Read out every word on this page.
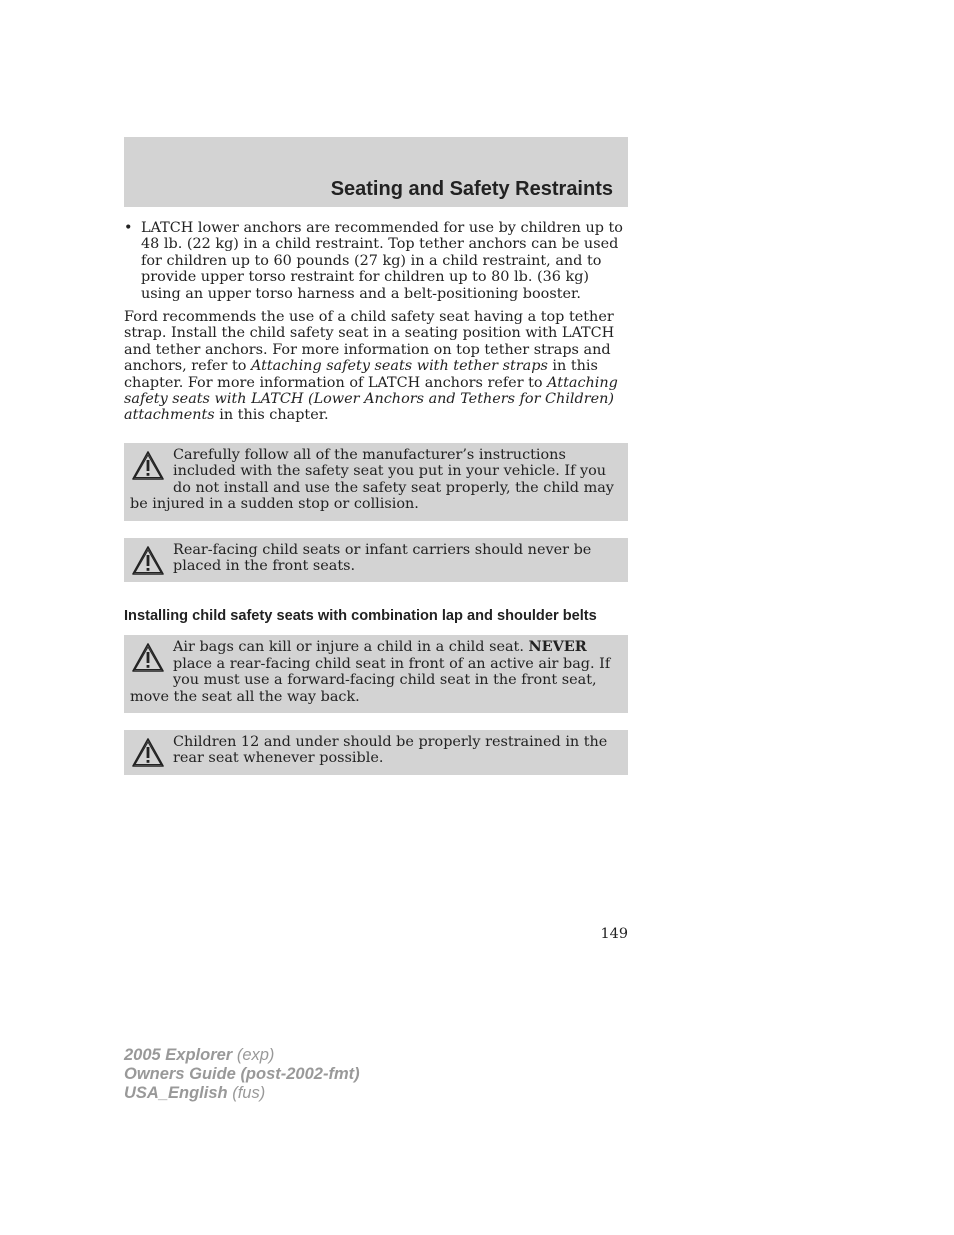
Seating and Safety Restraints
• LATCH lower anchors are recommended for use by children up to 48 lb. (22 kg) in a child restraint. Top tether anchors can be used for children up to 60 pounds (27 kg) in a child restraint, and to provide upper torso restraint for children up to 80 lb. (36 kg) using an upper torso harness and a belt-positioning booster.

Ford recommends the use of a child safety seat having a top tether strap. Install the child safety seat in a seating position with LATCH and tether anchors. For more information on top tether straps and anchors, refer to Attaching safety seats with tether straps in this chapter. For more information of LATCH anchors refer to Attaching safety seats with LATCH (Lower Anchors and Tethers for Children) attachments in this chapter.

Carefully follow all of the manufacturer’s instructions included with the safety seat you put in your vehicle. If you do not install and use the safety seat properly, the child may be injured in a sudden stop or collision.
Rear-facing child seats or infant carriers should never be placed in the front seats.
Installing child safety seats with combination lap and shoulder belts
Air bags can kill or injure a child in a child seat. NEVER place a rear-facing child seat in front of an active air bag. If you must use a forward-facing child seat in the front seat, move the seat all the way back.
Children 12 and under should be properly restrained in the rear seat whenever possible.
149
2005 Explorer (exp)
Owners Guide (post-2002-fmt)
USA_English (fus)
